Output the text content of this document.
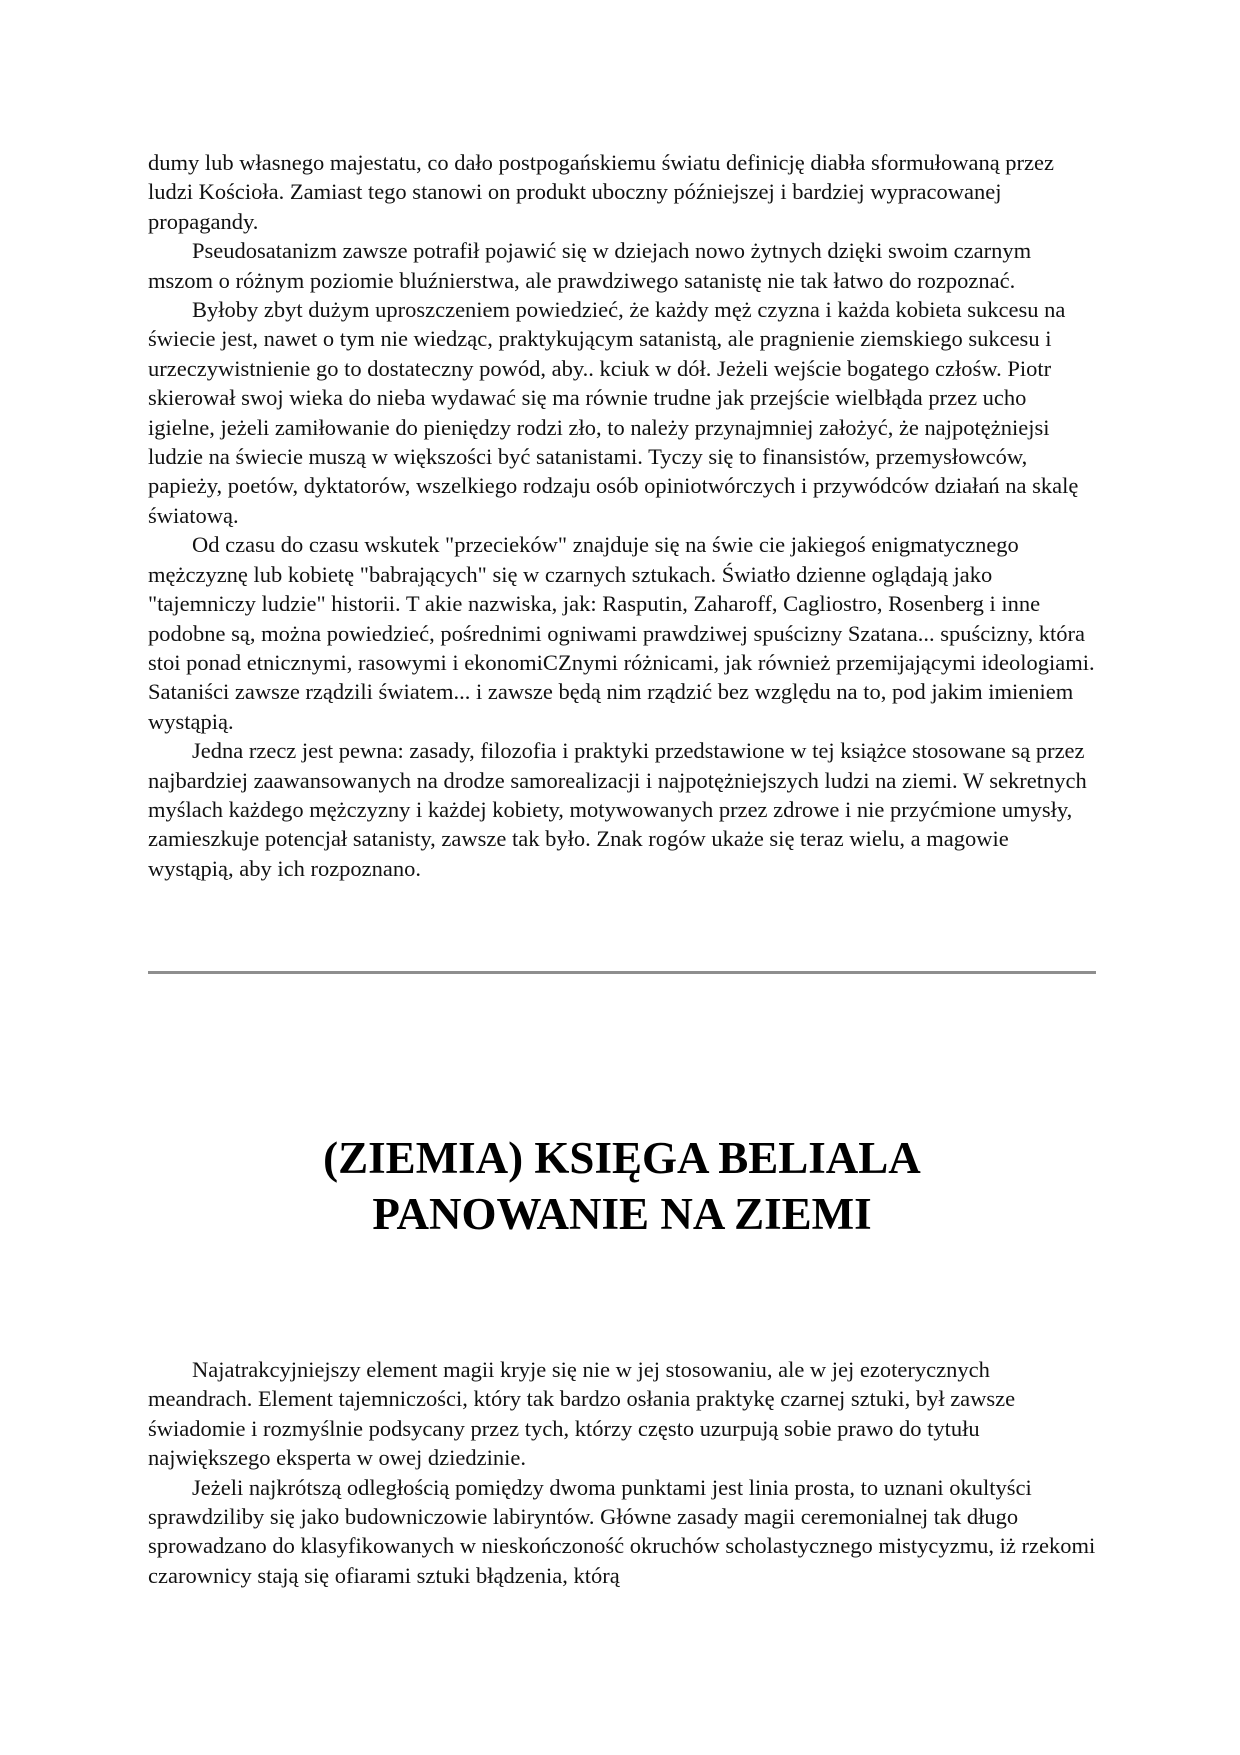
dumy lub własnego majestatu, co dało postpogańskiemu światu definicję diabła sformułowaną przez ludzi Kościoła. Zamiast tego stanowi on produkt uboczny późniejszej i bardziej wypracowanej propagandy.

Pseudosatanizm zawsze potrafił pojawić się w dziejach nowo żytnych dzięki swoim czarnym mszom o różnym poziomie bluźnierstwa, ale prawdziwego satanistę nie tak łatwo do rozpoznać.

Byłoby zbyt dużym uproszczeniem powiedzieć, że każdy męż czyzna i każda kobieta sukcesu na świecie jest, nawet o tym nie wiedząc, praktykującym satanistą, ale pragnienie ziemskiego sukcesu i urzeczywistnienie go to dostateczny powód, aby.. kciuk w dół. Jeżeli wejście bogatego człośw. Piotr skierował swoj wieka do nieba wydawać się ma równie trudne jak przejście wielbłąda przez ucho igielne, jeżeli zamiłowanie do pieniędzy rodzi zło, to należy przynajmniej założyć, że najpotężniejsi ludzie na świecie muszą w większości być satanistami. Tyczy się to finansistów, przemysłowców, papieży, poetów, dyktatorów, wszelkiego rodzaju osób opiniotwórczych i przywódców działań na skalę światową.

Od czasu do czasu wskutek "przecieków" znajduje się na świe cie jakiegoś enigmatycznego mężczyznę lub kobietę "babrających" się w czarnych sztukach. Światło dzienne oglądają jako "tajemniczy ludzie" historii. T akie nazwiska, jak: Rasputin, Zaharoff, Cagliostro, Rosenberg i inne podobne są, można powiedzieć, pośrednimi ogniwami prawdziwej spuścizny Szatana... spuścizny, która stoi ponad etnicznymi, rasowymi i ekonomiCZnymi różnicami, jak również przemijającymi ideologiami. Sataniści zawsze rządzili światem... i zawsze będą nim rządzić bez względu na to, pod jakim imieniem wystąpią.

Jedna rzecz jest pewna: zasady, filozofia i praktyki przedstawione w tej książce stosowane są przez najbardziej zaawansowanych na drodze samorealizacji i najpotężniejszych ludzi na ziemi. W sekretnych myślach każdego mężczyzny i każdej kobiety, motywowanych przez zdrowe i nie przyćmione umysły, zamieszkuje potencjał satanisty, zawsze tak było. Znak rogów ukaże się teraz wielu, a magowie wystąpią, aby ich rozpoznano.

(ZIEMIA) KSIĘGA BELIALA
PANOWANIE NA ZIEMI

Najatrakcyjniejszy element magii kryje się nie w jej stosowaniu, ale w jej ezoterycznych meandrach. Element tajemniczości, który tak bardzo osłania praktykę czarnej sztuki, był zawsze świadomie i rozmyślnie podsycany przez tych, którzy często uzurpują sobie prawo do tytułu największego eksperta w owej dziedzinie.

Jeżeli najkrótszą odległością pomiędzy dwoma punktami jest linia prosta, to uznani okultyści sprawdziliby się jako budowniczowie labiryntów. Główne zasady magii ceremonialnej tak długo sprowadzano do klasyfikowanych w nieskończoność okruchów scholastycznego mistycyzmu, iż rzekomi czarownicy stają się ofiarami sztuki błądzenia, którą
